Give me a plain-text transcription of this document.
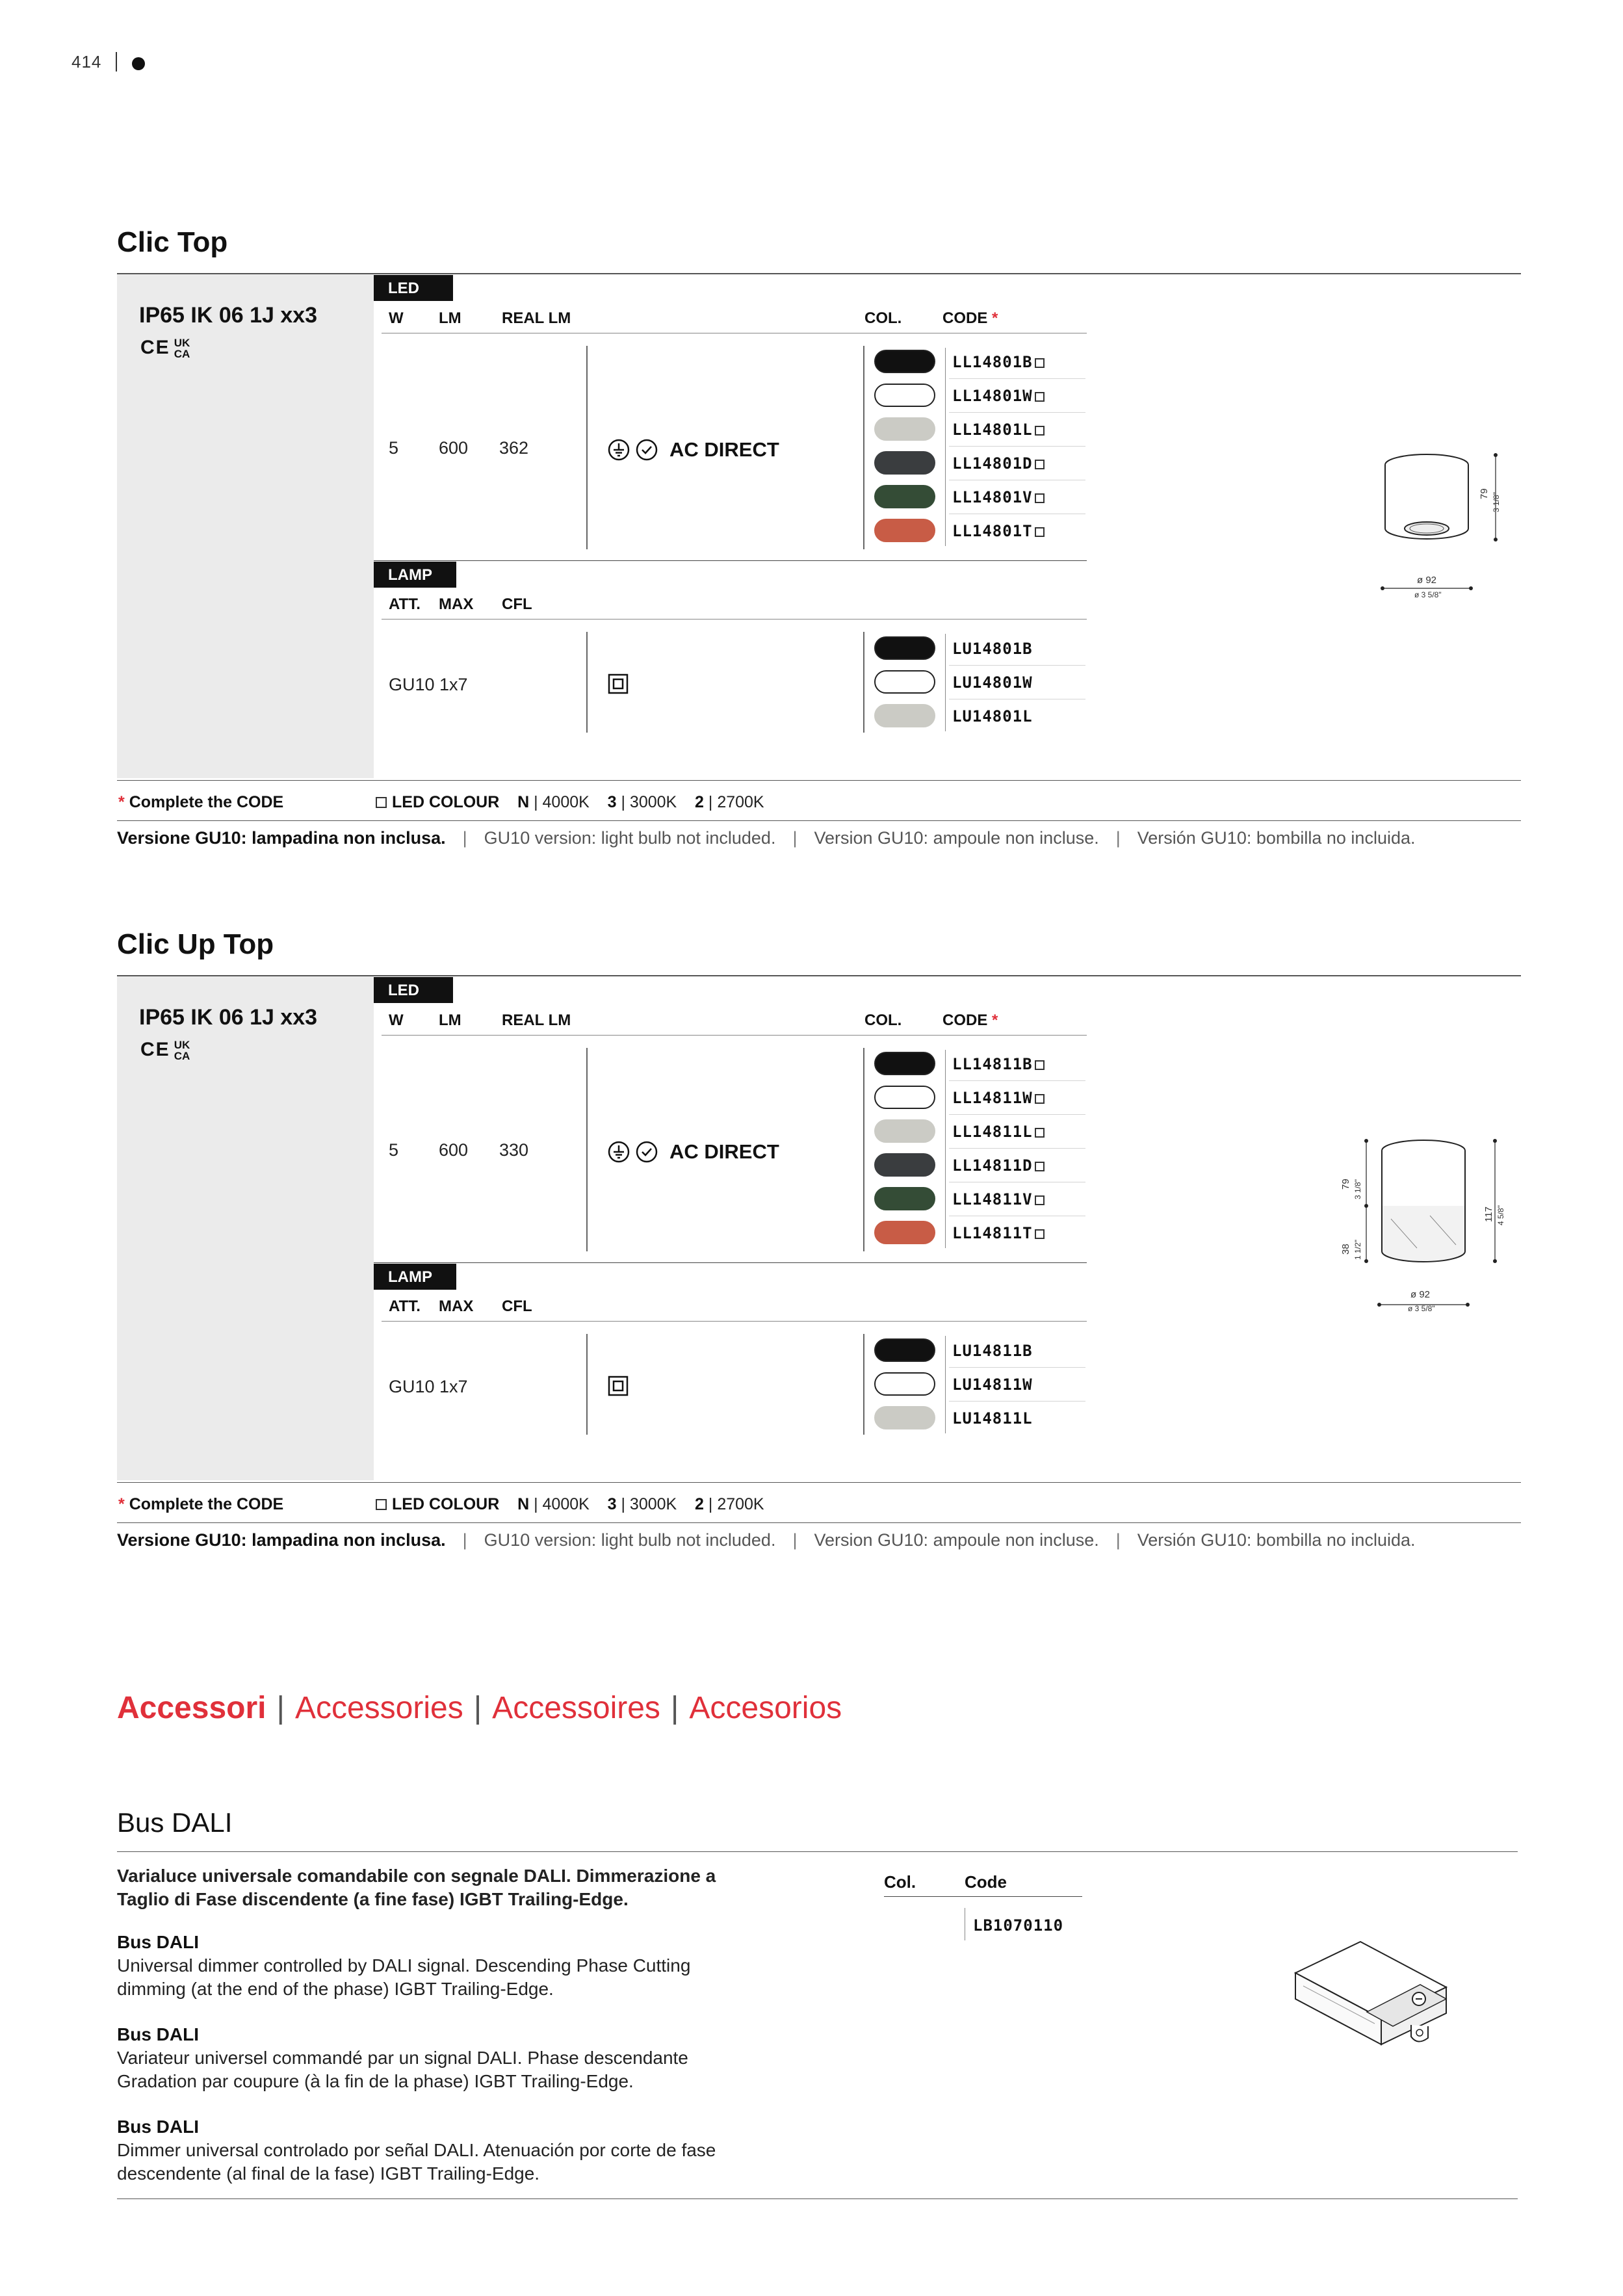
414
Clic Top
IP65 IK 06 1J xx3
CE UK
CA
LED
W LM	REAL LM	COL.	CODE *
5 600 362	AC DIRECT
LL14801B
LL14801W
LL14801L
LL14801D
LL14801V
LL14801T
LAMP
ATT. MAX CFL
GU10 1x7
LU14801B
LU14801W
LU14801L
79 3 1/8"
ø 92
ø 3 5/8"
* Complete the CODE	LED COLOUR N | 4000K 3 | 3000K 2 | 2700K
Versione GU10: lampadina non inclusa. | GU10 version: light bulb not included. | Version GU10: ampoule non incluse. | Versión GU10: bombilla no incluida.
Clic Up Top
IP65 IK 06 1J xx3
CE UK
CA
LED
W LM	REAL LM	COL.	CODE *
5 600 330	AC DIRECT
LL14811B
LL14811W
LL14811L
LL14811D
LL14811V
LL14811T
LAMP
ATT. MAX CFL
GU10 1x7
LU14811B
LU14811W
LU14811L
79 3 1/8"
38 1 1/2"
117 4 5/8"
ø 92
ø 3 5/8"
* Complete the CODE	LED COLOUR N | 4000K 3 | 3000K 2 | 2700K
Versione GU10: lampadina non inclusa. | GU10 version: light bulb not included. | Version GU10: ampoule non incluse. | Versión GU10: bombilla no incluida.
Accessori | Accessories | Accessoires | Accesorios
Bus DALI
Varialuce universale comandabile con segnale DALI. Dimmerazione a
Taglio di Fase discendente (a fine fase) IGBT Trailing-Edge.
Bus DALI
Universal dimmer controlled by DALI signal. Descending Phase Cutting
dimming (at the end of the phase) IGBT Trailing-Edge.
Bus DALI
Variateur universel commandé par un signal DALI. Phase descendante
Gradation par coupure (à la fin de la phase) IGBT Trailing-Edge.
Bus DALI
Dimmer universal controlado por señal DALI. Atenuación por corte de fase
descendente (al final de la fase) IGBT Trailing-Edge.
Col.	Code
LB1070110
